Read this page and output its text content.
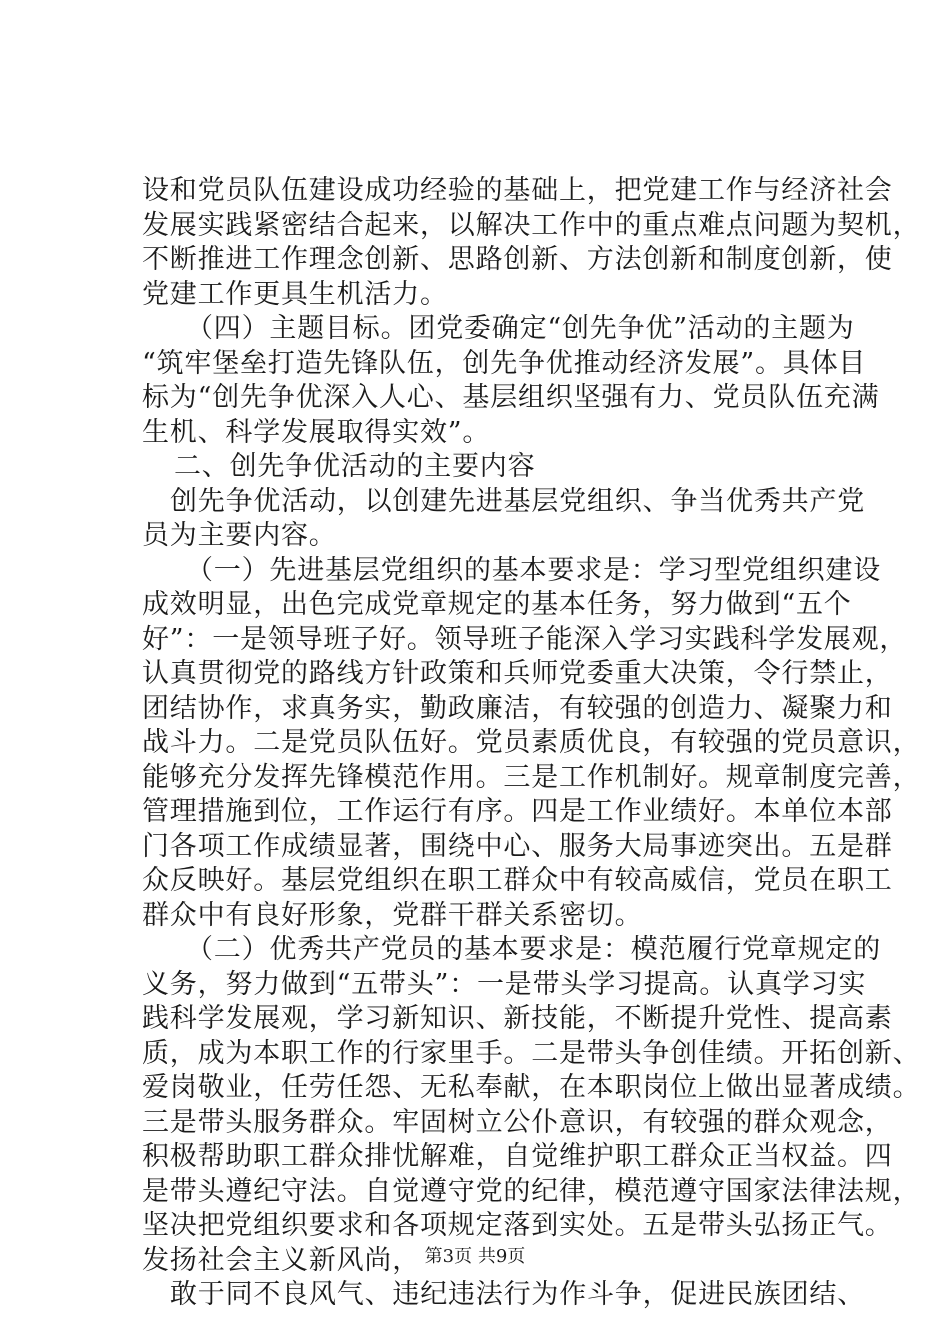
设和党员队伍建设成功经验的基础上，把党建工作与经济社会
发展实践紧密结合起来，以解决工作中的重点难点问题为契机，
不断推进工作理念创新、思路创新、方法创新和制度创新，使
党建工作更具生机活力。
（四）主题目标。团党委确定“创先争优”活动的主题为
“筑牢堡垒打造先锋队伍，创先争优推动经济发展”。具体目
标为“创先争优深入人心、基层组织坚强有力、党员队伍充满
生机、科学发展取得实效”。
二、创先争优活动的主要内容
创先争优活动，以创建先进基层党组织、争当优秀共产党
员为主要内容。
（一）先进基层党组织的基本要求是：学习型党组织建设
成效明显，出色完成党章规定的基本任务，努力做到“五个
好”：一是领导班子好。领导班子能深入学习实践科学发展观，
认真贯彻党的路线方针政策和兵师党委重大决策，令行禁止，
团结协作，求真务实，勤政廉洁，有较强的创造力、凝聚力和
战斗力。二是党员队伍好。党员素质优良，有较强的党员意识，
能够充分发挥先锋模范作用。三是工作机制好。规章制度完善，
管理措施到位，工作运行有序。四是工作业绩好。本单位本部
门各项工作成绩显著，围绕中心、服务大局事迹突出。五是群
众反映好。基层党组织在职工群众中有较高威信，党员在职工
群众中有良好形象，党群干群关系密切。
（二）优秀共产党员的基本要求是：模范履行党章规定的
义务，努力做到“五带头”：一是带头学习提高。认真学习实
践科学发展观，学习新知识、新技能，不断提升党性、提高素
质，成为本职工作的行家里手。二是带头争创佳绩。开拓创新、
爱岗敬业，任劳任怨、无私奉献，在本职岗位上做出显著成绩。
三是带头服务群众。牢固树立公仆意识，有较强的群众观念，
积极帮助职工群众排忧解难，自觉维护职工群众正当权益。四
是带头遵纪守法。自觉遵守党的纪律，模范遵守国家法律法规，
坚决把党组织要求和各项规定落到实处。五是带头弘扬正气。
发扬社会主义新风尚，
敢于同不良风气、违纪违法行为作斗争，促进民族团结、
第3页 共9页
